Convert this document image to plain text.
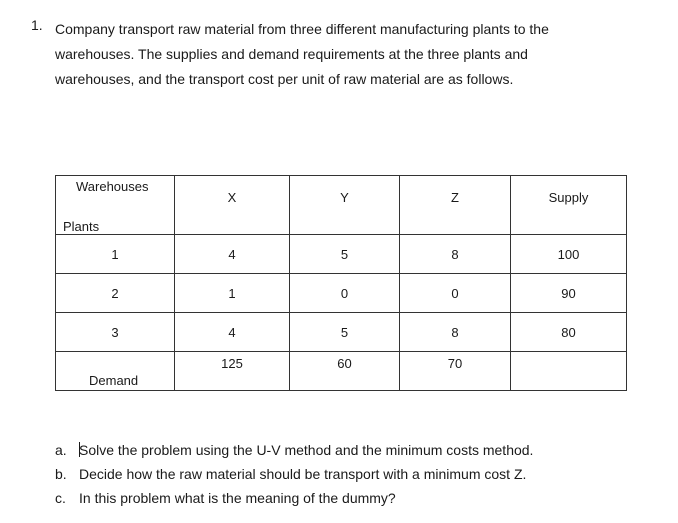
1. Company transport raw material from three different manufacturing plants to the

warehouses. The supplies and demand requirements at the three plants and

warehouses, and the transport cost per unit of raw material are as follows.

Warehouses
Plants	X	Y	Z	Supply
1	4	5	8	100
2	1	0	0	90
3	4	5	8	80

Demand	125	60	70	
a. Solve the problem using the U-V method and the minimum costs method.
b. Decide how the raw material should be transport with a minimum cost Z.
c. In this problem what is the meaning of the dummy?
